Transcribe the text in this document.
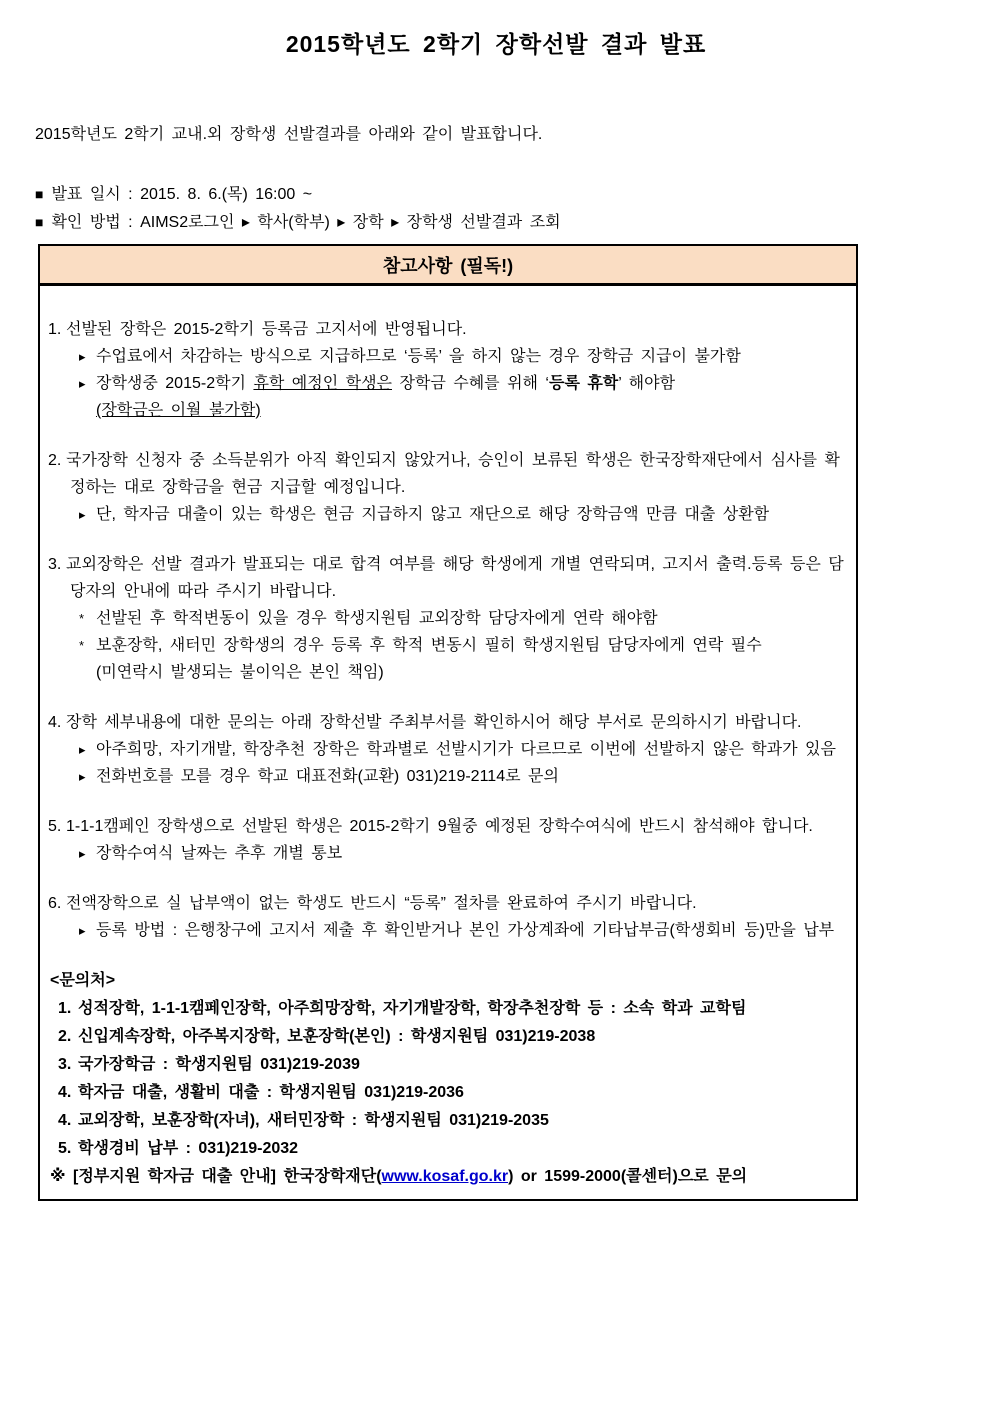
2015학년도 2학기 장학선발 결과 발표
2015학년도 2학기 교내.외 장학생 선발결과를 아래와 같이 발표합니다.
■ 발표 일시 : 2015. 8. 6.(목) 16:00 ~
■ 확인 방법 : AIMS2로그인 ▸ 학사(학부) ▸ 장학 ▸ 장학생 선발결과 조회
참고사항 (필독!)
1. 선발된 장학은 2015-2학기 등록금 고지서에 반영됩니다.
▸ 수업료에서 차감하는 방식으로 지급하므로 ‘등록’ 을 하지 않는 경우 장학금 지급이 불가함
▸ 장학생중 2015-2학기 휴학 예정인 학생은 장학금 수혜를 위해 ‘등록 휴학’ 해야함
(장학금은 이월 불가함)
2. 국가장학 신청자 중 소득분위가 아직 확인되지 않았거나, 승인이 보류된 학생은 한국장학재단에서 심사를 확정하는 대로 장학금을 현금 지급할 예정입니다.
▸ 단, 학자금 대출이 있는 학생은 현금 지급하지 않고 재단으로 해당 장학금액 만큼 대출 상환함
3. 교외장학은 선발 결과가 발표되는 대로 합격 여부를 해당 학생에게 개별 연락되며, 고지서 출력.등록 등은 담당자의 안내에 따라 주시기 바랍니다.
* 선발된 후 학적변동이 있을 경우 학생지원팀 교외장학 담당자에게 연락 해야함
* 보훈장학, 새터민 장학생의 경우 등록 후 학적 변동시 필히 학생지원팀 담당자에게 연락 필수
(미연락시 발생되는 불이익은 본인 책임)
4. 장학 세부내용에 대한 문의는 아래 장학선발 주최부서를 확인하시어 해당 부서로 문의하시기 바랍니다.
▸ 아주희망, 자기개발, 학장추천 장학은 학과별로 선발시기가 다르므로 이번에 선발하지 않은 학과가 있음
▸ 전화번호를 모를 경우 학교 대표전화(교환) 031)219-2114로 문의
5. 1-1-1캠페인 장학생으로 선발된 학생은 2015-2학기 9월중 예정된 장학수여식에 반드시 참석해야 합니다.
▸ 장학수여식 날짜는 추후 개별 통보
6. 전액장학으로 실 납부액이 없는 학생도 반드시 “등록” 절차를 완료하여 주시기 바랍니다.
▸ 등록 방법 : 은행창구에 고지서 제출 후 확인받거나 본인 가상계좌에 기타납부금(학생회비 등)만을 납부
<문의처>
1. 성적장학, 1-1-1캠페인장학, 아주희망장학, 자기개발장학, 학장추천장학 등 : 소속 학과 교학팀
2. 신입계속장학, 아주복지장학, 보훈장학(본인) : 학생지원팀 031)219-2038
3. 국가장학금 : 학생지원팀 031)219-2039
4. 학자금 대출, 생활비 대출 : 학생지원팀 031)219-2036
4. 교외장학, 보훈장학(자녀), 새터민장학 : 학생지원팀 031)219-2035
5. 학생경비 납부 : 031)219-2032
※ [정부지원 학자금 대출 안내] 한국장학재단(www.kosaf.go.kr) or 1599-2000(콜센터)으로 문의
